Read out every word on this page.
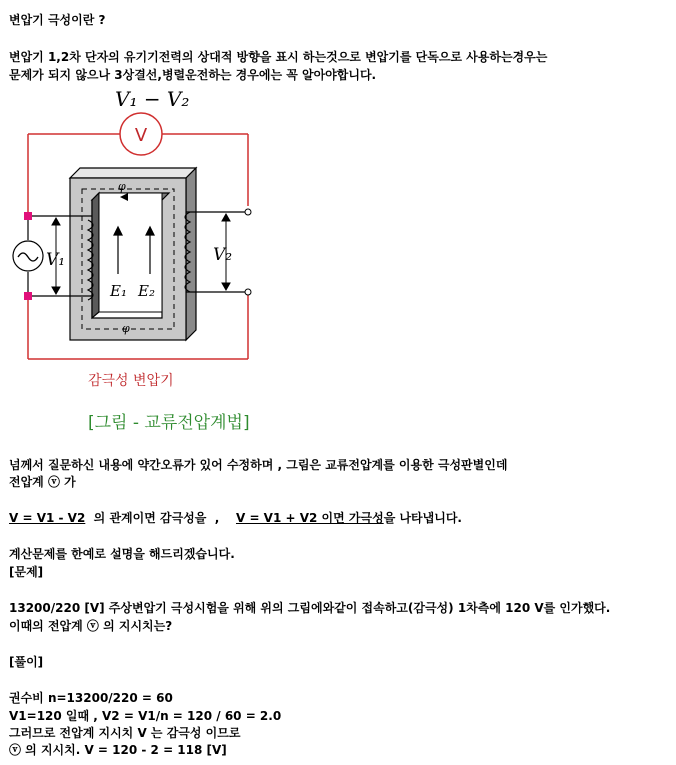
변압기 극성이란 ?
변압기 1,2차 단자의 유기기전력의 상대적 방향을 표시 하는것으로 변압기를 단독으로 사용하는경우는
문제가 되지 않으나 3상결선,병렬운전하는 경우에는 꼭 알아야합니다.
V₁ − V₂
V
φ
φ
V₁
E₁ E₂
V₂
감극성 변압기
[그림 - 교류전압계법]
넘께서 질문하신 내용에 약간오류가 있어 수정하며 , 그림은 교류전압계를 이용한 극성판별인데
전압계 ⓥ 가
V = V1 - V2  의 관계이면 감극성을  ,    V = V1 + V2 이면 가극성을 나타냅니다.
계산문제를 한예로 설명을 해드리겠습니다.
[문제]
13200/220 [V] 주상변압기 극성시험을 위해 위의 그림에와같이 접속하고(감극성) 1차측에 120 V를 인가했다.
이때의 전압계 ⓥ 의 지시치는?
[풀이]
권수비 n=13200/220 = 60
V1=120 일때 , V2 = V1/n = 120 / 60 = 2.0
그러므로 전압계 지시치 V 는 감극성 이므로
ⓥ 의 지시치. V = 120 - 2 = 118 [V]
